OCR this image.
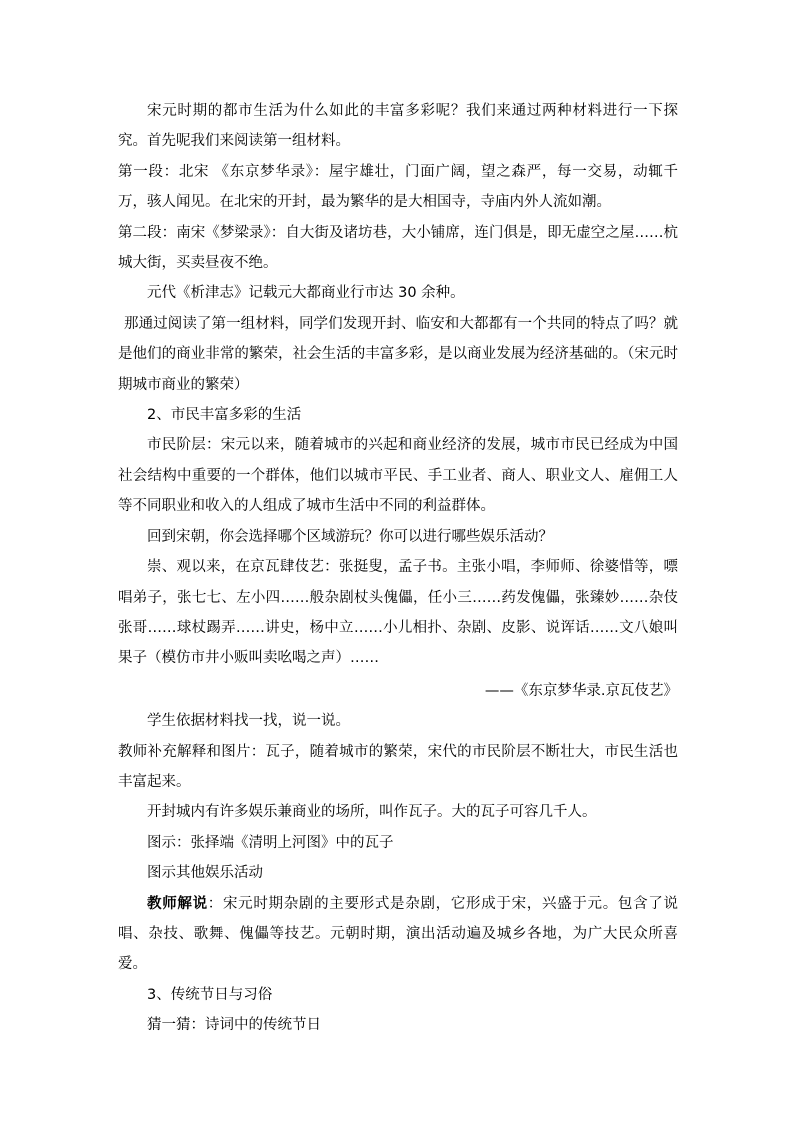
宋元时期的都市生活为什么如此的丰富多彩呢？我们来通过两种材料进行一下探究。首先呢我们来阅读第一组材料。

第一段：北宋 《东京梦华录》：屋宇雄壮，门面广阔，望之森严，每一交易，动辄千万，骇人闻见。在北宋的开封，最为繁华的是大相国寺，寺庙内外人流如潮。

第二段：南宋《梦梁录》：自大街及诸坊巷，大小铺席，连门俱是，即无虚空之屋……杭城大街，买卖昼夜不绝。

元代《析津志》记载元大都商业行市达 30 余种。

那通过阅读了第一组材料，同学们发现开封、临安和大都都有一个共同的特点了吗？就是他们的商业非常的繁荣，社会生活的丰富多彩，是以商业发展为经济基础的。（宋元时期城市商业的繁荣）

2、市民丰富多彩的生活

市民阶层：宋元以来，随着城市的兴起和商业经济的发展，城市市民已经成为中国社会结构中重要的一个群体，他们以城市平民、手工业者、商人、职业文人、雇佣工人等不同职业和收入的人组成了城市生活中不同的利益群体。

回到宋朝，你会选择哪个区域游玩？你可以进行哪些娱乐活动？

崇、观以来，在京瓦肆伎艺：张挺叟，孟子书。主张小唱，李师师、徐婆惜等，嘌唱弟子，张七七、左小四……般杂剧杖头傀儡，任小三……药发傀儡，张臻妙……杂伎张哥……球杖踢弄……讲史，杨中立……小儿相扑、杂剧、皮影、说诨话……文八娘叫果子（模仿市井小贩叫卖吆喝之声）……

——《东京梦华录.京瓦伎艺》

学生依据材料找一找，说一说。

教师补充解释和图片：瓦子，随着城市的繁荣，宋代的市民阶层不断壮大，市民生活也丰富起来。

开封城内有许多娱乐兼商业的场所，叫作瓦子。大的瓦子可容几千人。

图示：张择端《清明上河图》中的瓦子

图示其他娱乐活动

教师解说：宋元时期杂剧的主要形式是杂剧，它形成于宋，兴盛于元。包含了说唱、杂技、歌舞、傀儡等技艺。元朝时期，演出活动遍及城乡各地，为广大民众所喜爱。

3、传统节日与习俗

猜一猜：诗词中的传统节日
